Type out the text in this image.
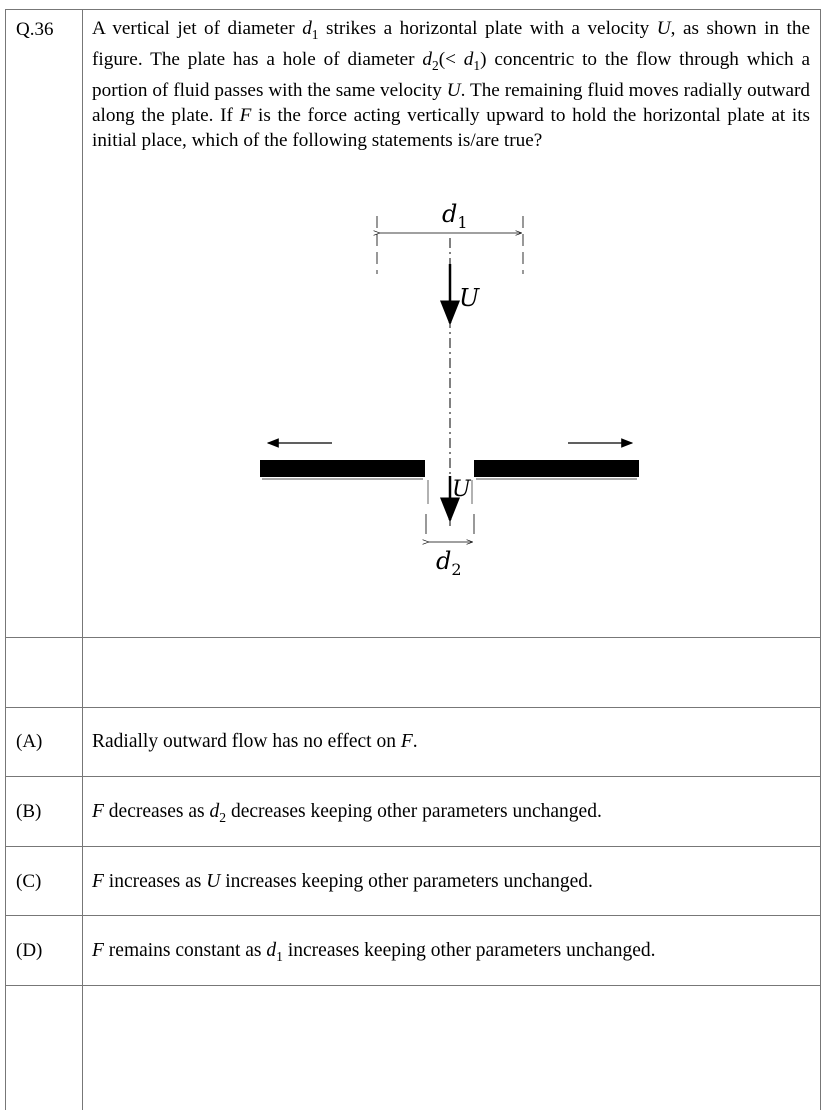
Q.36 A vertical jet of diameter $d_1$ strikes a horizontal plate with a velocity U, as shown in the figure. The plate has a hole of diameter $d_2(< d_1)$ concentric to the flow through which a portion of fluid passes with the same velocity U. The remaining fluid moves radially outward along the plate. If F is the force acting vertically upward to hold the horizontal plate at its initial place, which of the following statements is/are true?

(A)	Radially outward flow has no effect on F.
(B)	F decreases as $d_2$ decreases keeping other parameters unchanged.
(C)	F increases as U increases keeping other parameters unchanged.
(D)	F remains constant as $d_1$ increases keeping other parameters unchanged.
$d_1$
U
U
$d_2$
